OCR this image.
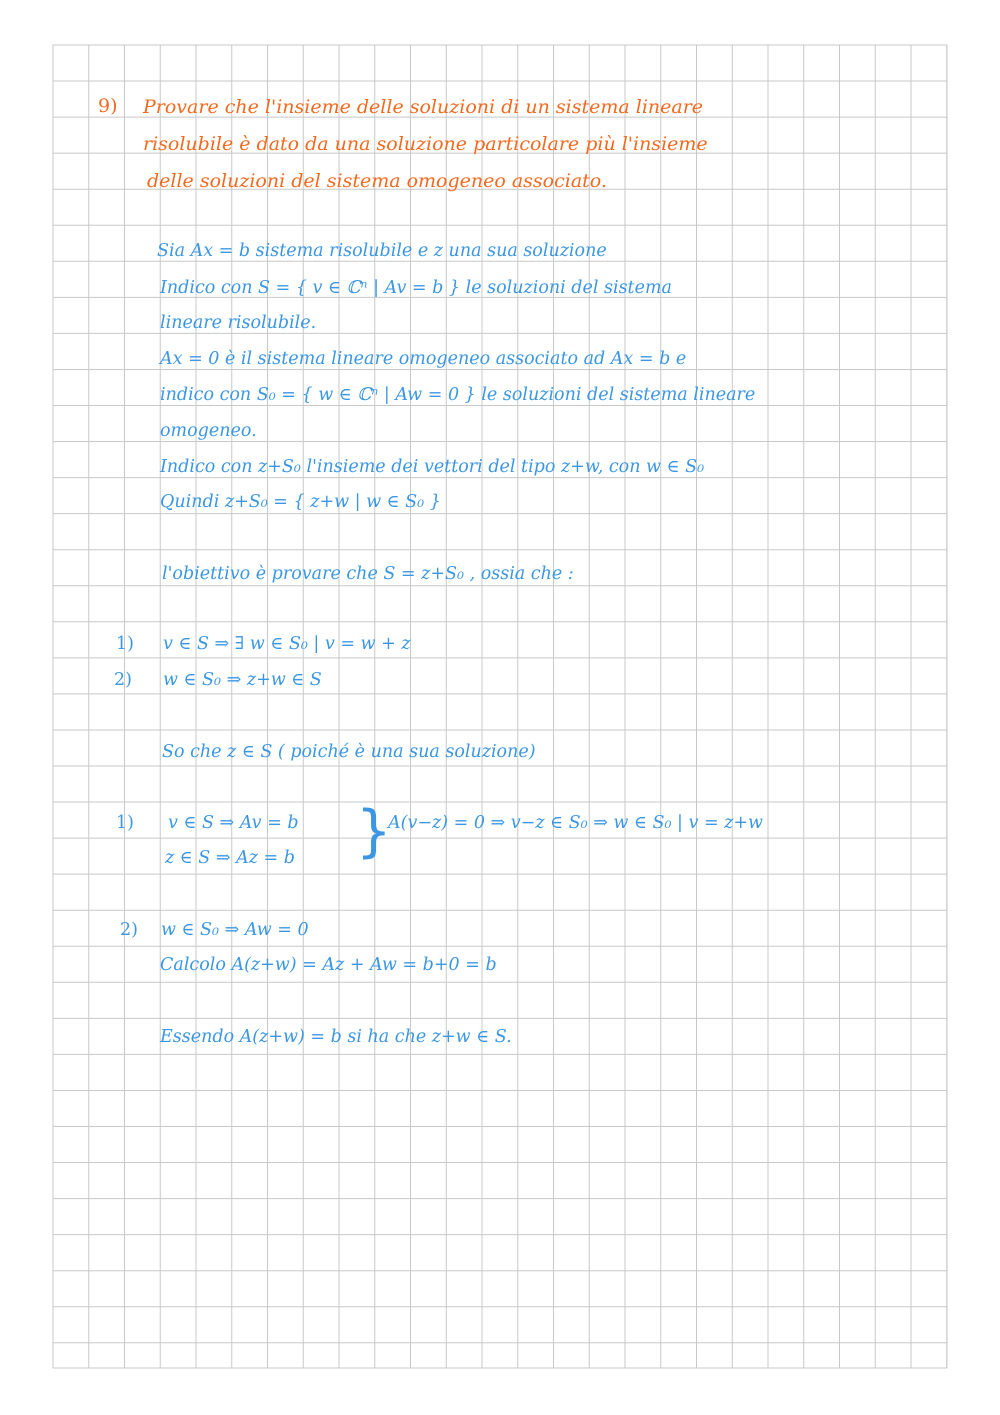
9) Provare che l'insieme delle soluzioni di un sistema lineare
risolubile è dato da una soluzione particolare più l'insieme
delle soluzioni del sistema omogeneo associato.
Sia Ax = b sistema risolubile e z una sua soluzione
Indico con S = { v ∈ ℂⁿ | Av = b } le soluzioni del sistema
lineare risolubile.
Ax = 0 è il sistema lineare omogeneo associato ad Ax = b e
indico con S₀ = { w ∈ ℂⁿ | Aw = 0 } le soluzioni del sistema lineare
omogeneo.
Indico con z+S₀ l'insieme dei vettori del tipo z+w, con w ∈ S₀
Quindi z+S₀ = { z+w | w ∈ S₀ }
l'obiettivo è provare che S = z+S₀ , ossia che :
1) v ∈ S ⇒ ∃ w ∈ S₀ | v = w + z
2) w ∈ S₀ ⇒ z+w ∈ S
So che z ∈ S ( poiché è una sua soluzione)
1) v ∈ S ⇒ Av = b
z ∈ S ⇒ Az = b }
A(v−z) = 0 ⇒ v−z ∈ S₀ ⇒ w ∈ S₀ | v = z+w
2) w ∈ S₀ ⇒ Aw = 0
Calcolo A(z+w) = Az + Aw = b+0 = b
Essendo A(z+w) = b si ha che z+w ∈ S.
